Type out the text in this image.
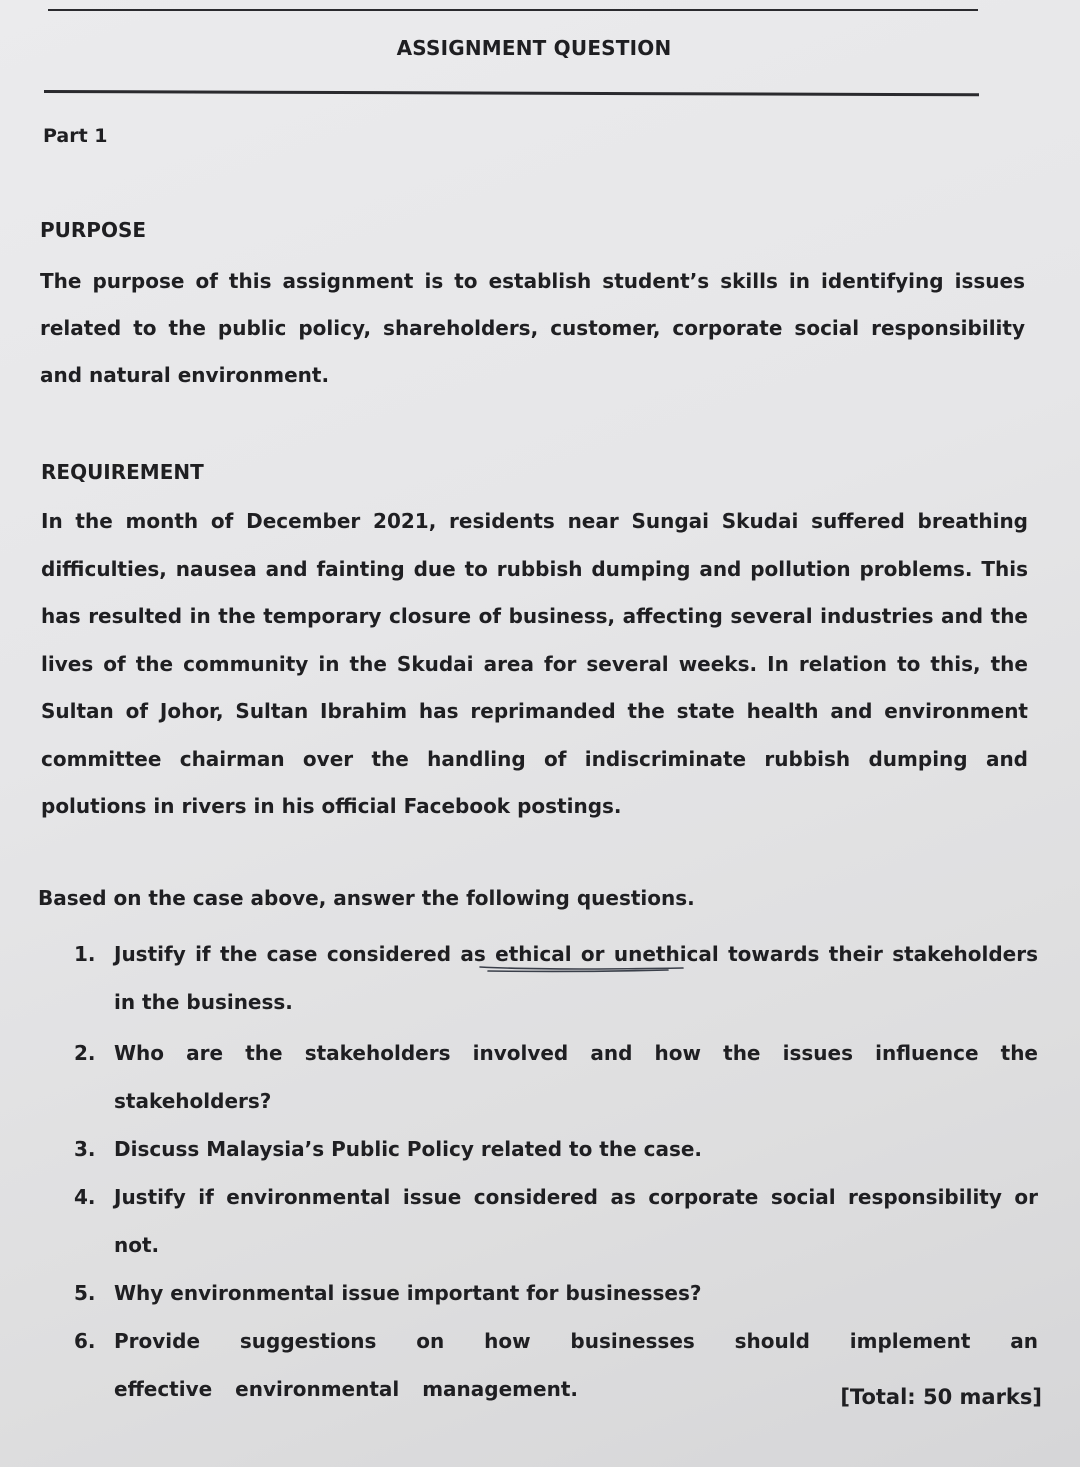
ASSIGNMENT QUESTION
Part 1
PURPOSE
The purpose of this assignment is to establish student’s skills in identifying issues related to the public policy, shareholders, customer, corporate social responsibility and natural environment.
REQUIREMENT
In the month of December 2021, residents near Sungai Skudai suffered breathing difficulties, nausea and fainting due to rubbish dumping and pollution problems. This has resulted in the temporary closure of business, affecting several industries and the lives of the community in the Skudai area for several weeks. In relation to this, the Sultan of Johor, Sultan Ibrahim has reprimanded the state health and environment committee chairman over the handling of indiscriminate rubbish dumping and polutions in rivers in his official Facebook postings.
Based on the case above, answer the following questions.
1. Justify if the case considered as ethical or unethical towards their stakeholders in the business.
2. Who are the stakeholders involved and how the issues influence the stakeholders?
3. Discuss Malaysia’s Public Policy related to the case.
4. Justify if environmental issue considered as corporate social responsibility or not.
5. Why environmental issue important for businesses?
6. Provide suggestions on how businesses should implement an effective environmental management.	[Total: 50 marks]
